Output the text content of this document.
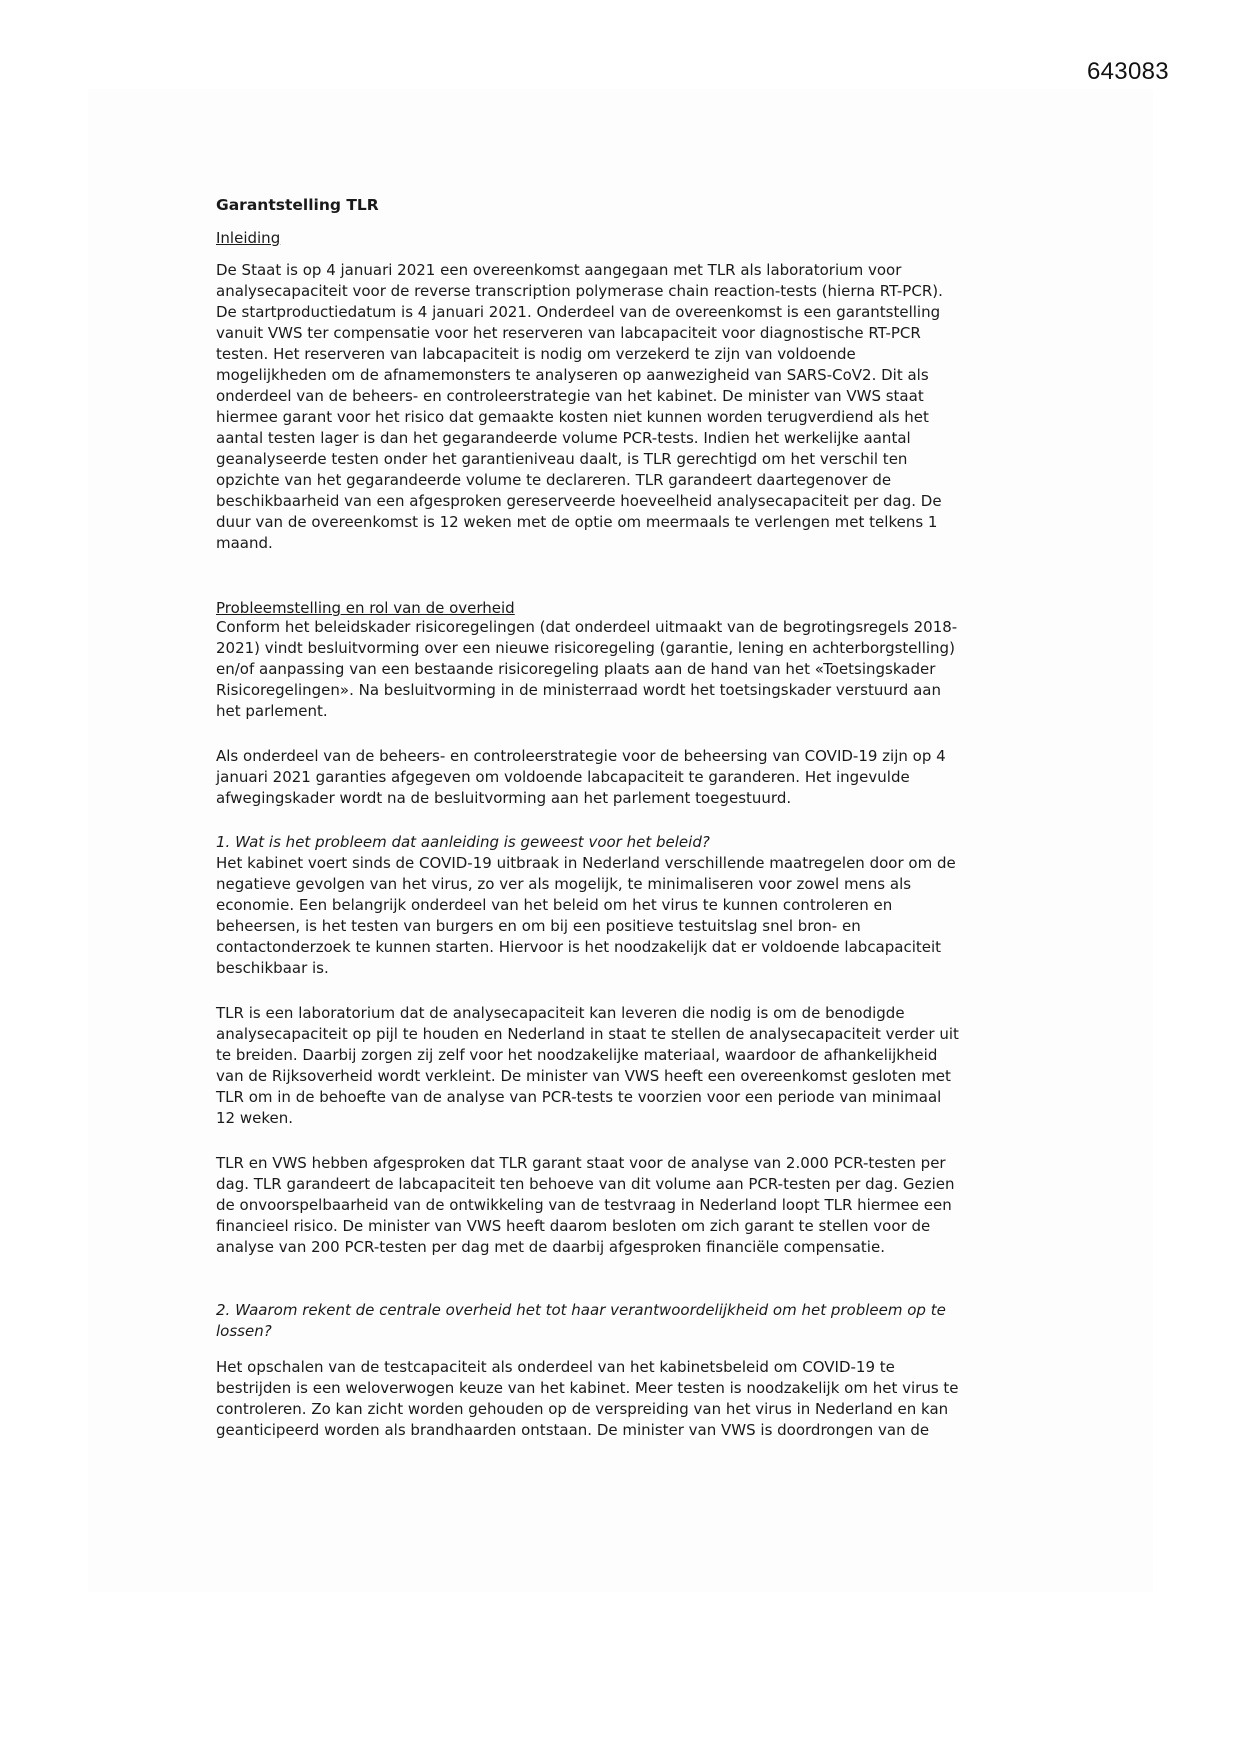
643083
Garantstelling TLR
Inleiding
De Staat is op 4 januari 2021 een overeenkomst aangegaan met TLR als laboratorium voor
analysecapaciteit voor de reverse transcription polymerase chain reaction-tests (hierna RT-PCR).
De startproductiedatum is 4 januari 2021. Onderdeel van de overeenkomst is een garantstelling
vanuit VWS ter compensatie voor het reserveren van labcapaciteit voor diagnostische RT-PCR
testen. Het reserveren van labcapaciteit is nodig om verzekerd te zijn van voldoende
mogelijkheden om de afnamemonsters te analyseren op aanwezigheid van SARS-CoV2. Dit als
onderdeel van de beheers- en controleerstrategie van het kabinet. De minister van VWS staat
hiermee garant voor het risico dat gemaakte kosten niet kunnen worden terugverdiend als het
aantal testen lager is dan het gegarandeerde volume PCR-tests. Indien het werkelijke aantal
geanalyseerde testen onder het garantieniveau daalt, is TLR gerechtigd om het verschil ten
opzichte van het gegarandeerde volume te declareren. TLR garandeert daartegenover de
beschikbaarheid van een afgesproken gereserveerde hoeveelheid analysecapaciteit per dag. De
duur van de overeenkomst is 12 weken met de optie om meermaals te verlengen met telkens 1
maand.
Probleemstelling en rol van de overheid
Conform het beleidskader risicoregelingen (dat onderdeel uitmaakt van de begrotingsregels 2018-
2021) vindt besluitvorming over een nieuwe risicoregeling (garantie, lening en achterborgstelling)
en/of aanpassing van een bestaande risicoregeling plaats aan de hand van het «Toetsingskader
Risicoregelingen». Na besluitvorming in de ministerraad wordt het toetsingskader verstuurd aan
het parlement.
Als onderdeel van de beheers- en controleerstrategie voor de beheersing van COVID-19 zijn op 4
januari 2021 garanties afgegeven om voldoende labcapaciteit te garanderen. Het ingevulde
afwegingskader wordt na de besluitvorming aan het parlement toegestuurd.
1. Wat is het probleem dat aanleiding is geweest voor het beleid?
Het kabinet voert sinds de COVID-19 uitbraak in Nederland verschillende maatregelen door om de
negatieve gevolgen van het virus, zo ver als mogelijk, te minimaliseren voor zowel mens als
economie. Een belangrijk onderdeel van het beleid om het virus te kunnen controleren en
beheersen, is het testen van burgers en om bij een positieve testuitslag snel bron- en
contactonderzoek te kunnen starten. Hiervoor is het noodzakelijk dat er voldoende labcapaciteit
beschikbaar is.
TLR is een laboratorium dat de analysecapaciteit kan leveren die nodig is om de benodigde
analysecapaciteit op pijl te houden en Nederland in staat te stellen de analysecapaciteit verder uit
te breiden. Daarbij zorgen zij zelf voor het noodzakelijke materiaal, waardoor de afhankelijkheid
van de Rijksoverheid wordt verkleint. De minister van VWS heeft een overeenkomst gesloten met
TLR om in de behoefte van de analyse van PCR-tests te voorzien voor een periode van minimaal
12 weken.
TLR en VWS hebben afgesproken dat TLR garant staat voor de analyse van 2.000 PCR-testen per
dag. TLR garandeert de labcapaciteit ten behoeve van dit volume aan PCR-testen per dag. Gezien
de onvoorspelbaarheid van de ontwikkeling van de testvraag in Nederland loopt TLR hiermee een
financieel risico. De minister van VWS heeft daarom besloten om zich garant te stellen voor de
analyse van 200 PCR-testen per dag met de daarbij afgesproken financiële compensatie.
2. Waarom rekent de centrale overheid het tot haar verantwoordelijkheid om het probleem op te
lossen?
Het opschalen van de testcapaciteit als onderdeel van het kabinetsbeleid om COVID-19 te
bestrijden is een weloverwogen keuze van het kabinet. Meer testen is noodzakelijk om het virus te
controleren. Zo kan zicht worden gehouden op de verspreiding van het virus in Nederland en kan
geanticipeerd worden als brandhaarden ontstaan. De minister van VWS is doordrongen van de
